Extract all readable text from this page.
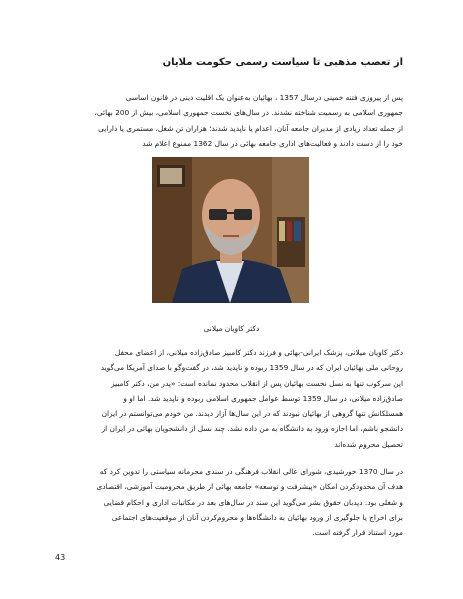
از تعصب مذهبی تا سیاست رسمی حکومت ملایان
پس از پیروزی فتنه خمینی درسال 1357 ، بهائیان به‌عنوان یک اقلیت دینی در قانون اساسی
جمهوری اسلامی به رسمیت شناخته نشدند. در سال‌های نخست جمهوری اسلامی، بیش از 200 بهائی،
از جمله تعداد زیادی از مدیران جامعه آنان، اعدام یا ناپدید شدند؛ هزاران تن شغل، مستمری یا دارایی
خود را از دست دادند و فعالیت‌های اداری جامعه بهائی در سال 1362 ممنوع اعلام شد
دکتر کاویان میلانی
دکتر کاویان میلانی، پزشک ایرانی-بهائی و فرزند دکتر کامبیز صادق‌زاده میلانی، از اعضای محفل
روحانی ملی بهائیان ایران که در سال 1359 ربوده و ناپدید شد، در گفت‌وگو با صدای آمریکا می‌گوید
این سرکوب تنها به نسل نخست بهائیان پس از انقلاب محدود نمانده است: «پدر من، دکتر کامبیز
صادق‌زاده میلانی، در سال 1359 توسط عوامل جمهوری اسلامی ربوده و ناپدید شد. اما او و
همسلکانش تنها گروهی از بهائیان نبودند که در این سال‌ها آزار دیدند. من خودم می‌توانستم در ایران
دانشجو باشم، اما اجازه ورود به دانشگاه به من داده نشد. چند نسل از دانشجویان بهائی در ایران از
تحصیل محروم شده‌اند
در سال 1370 خورشیدی، شورای عالی انقلاب فرهنگی در سندی محرمانه سیاستی را تدوین کرد که
هدف آن محدودکردن امکان «پیشرفت و توسعه» جامعه بهائی از طریق محرومیت آموزشی، اقتصادی
و شغلی بود. دیدبان حقوق بشر می‌گوید این سند در سال‌های بعد در مکاتبات اداری و احکام قضایی
برای اخراج یا جلوگیری از ورود بهائیان به دانشگاه‌ها و محروم‌کردن آنان از موقعیت‌های اجتماعی
مورد استناد قرار گرفته است.
43
